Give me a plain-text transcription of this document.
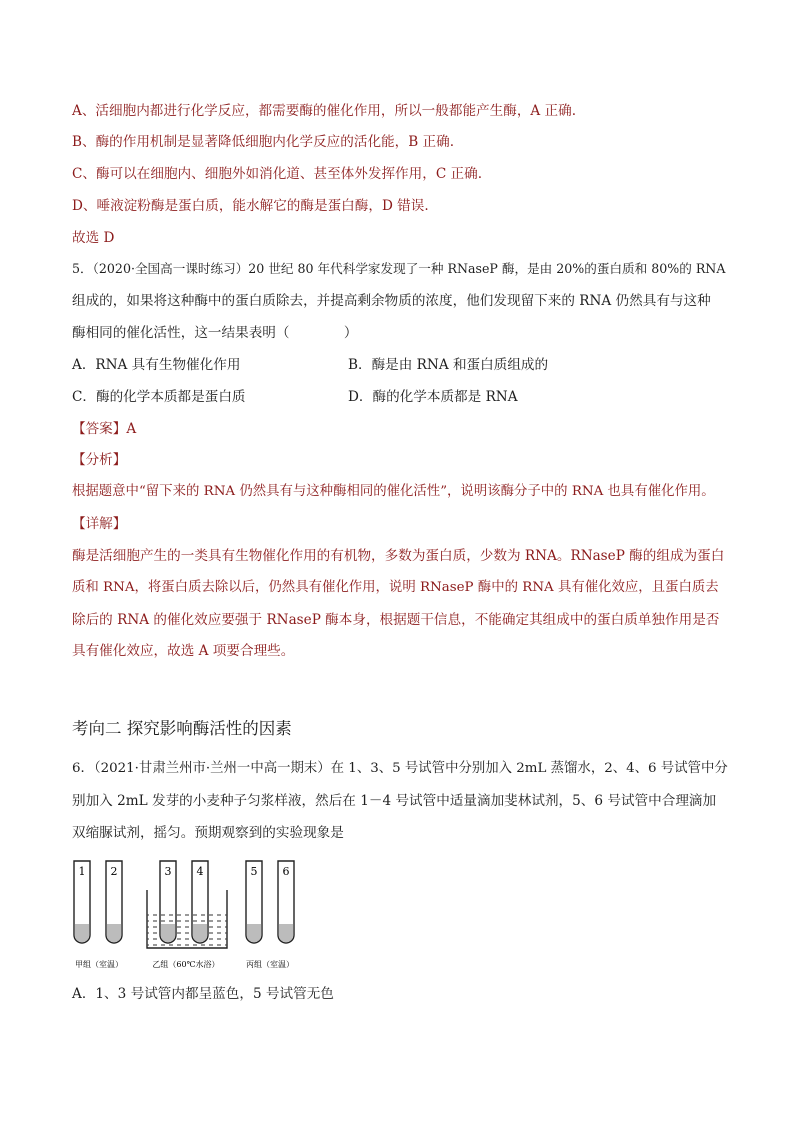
A、活细胞内都进行化学反应，都需要酶的催化作用，所以一般都能产生酶，A 正确.
B、酶的作用机制是显著降低细胞内化学反应的活化能，B 正确.
C、酶可以在细胞内、细胞外如消化道、甚至体外发挥作用，C 正确.
D、唾液淀粉酶是蛋白质，能水解它的酶是蛋白酶，D 错误.
故选 D
5．（2020·全国高一课时练习）20 世纪 80 年代科学家发现了一种 RNaseP 酶，是由 20%的蛋白质和 80%的 RNA
组成的，如果将这种酶中的蛋白质除去，并提高剩余物质的浓度，他们发现留下来的 RNA 仍然具有与这种
酶相同的催化活性，这一结果表明（　　　　）
A．RNA 具有生物催化作用	B．酶是由 RNA 和蛋白质组成的
C．酶的化学本质都是蛋白质	D．酶的化学本质都是 RNA
【答案】A
【分析】
根据题意中“留下来的 RNA 仍然具有与这种酶相同的催化活性”，说明该酶分子中的 RNA 也具有催化作用。
【详解】
酶是活细胞产生的一类具有生物催化作用的有机物，多数为蛋白质，少数为 RNA。RNaseP 酶的组成为蛋白
质和 RNA，将蛋白质去除以后，仍然具有催化作用，说明 RNaseP 酶中的 RNA 具有催化效应，且蛋白质去
除后的 RNA 的催化效应要强于 RNaseP 酶本身，根据题干信息，不能确定其组成中的蛋白质单独作用是否
具有催化效应，故选 A 项要合理些。
考向二 探究影响酶活性的因素
6．（2021·甘肃兰州市·兰州一中高一期末）在 1、3、5 号试管中分别加入 2mL 蒸馏水，2、4、6 号试管中分
别加入 2mL 发芽的小麦种子匀浆样液，然后在 1－4 号试管中适量滴加斐林试剂，5、6 号试管中合理滴加
双缩脲试剂，摇匀。预期观察到的实验现象是
1 2	3 4	5 6
甲组（室温）	乙组（60℃水浴）	丙组（室温）
A．1、3 号试管内都呈蓝色，5 号试管无色
